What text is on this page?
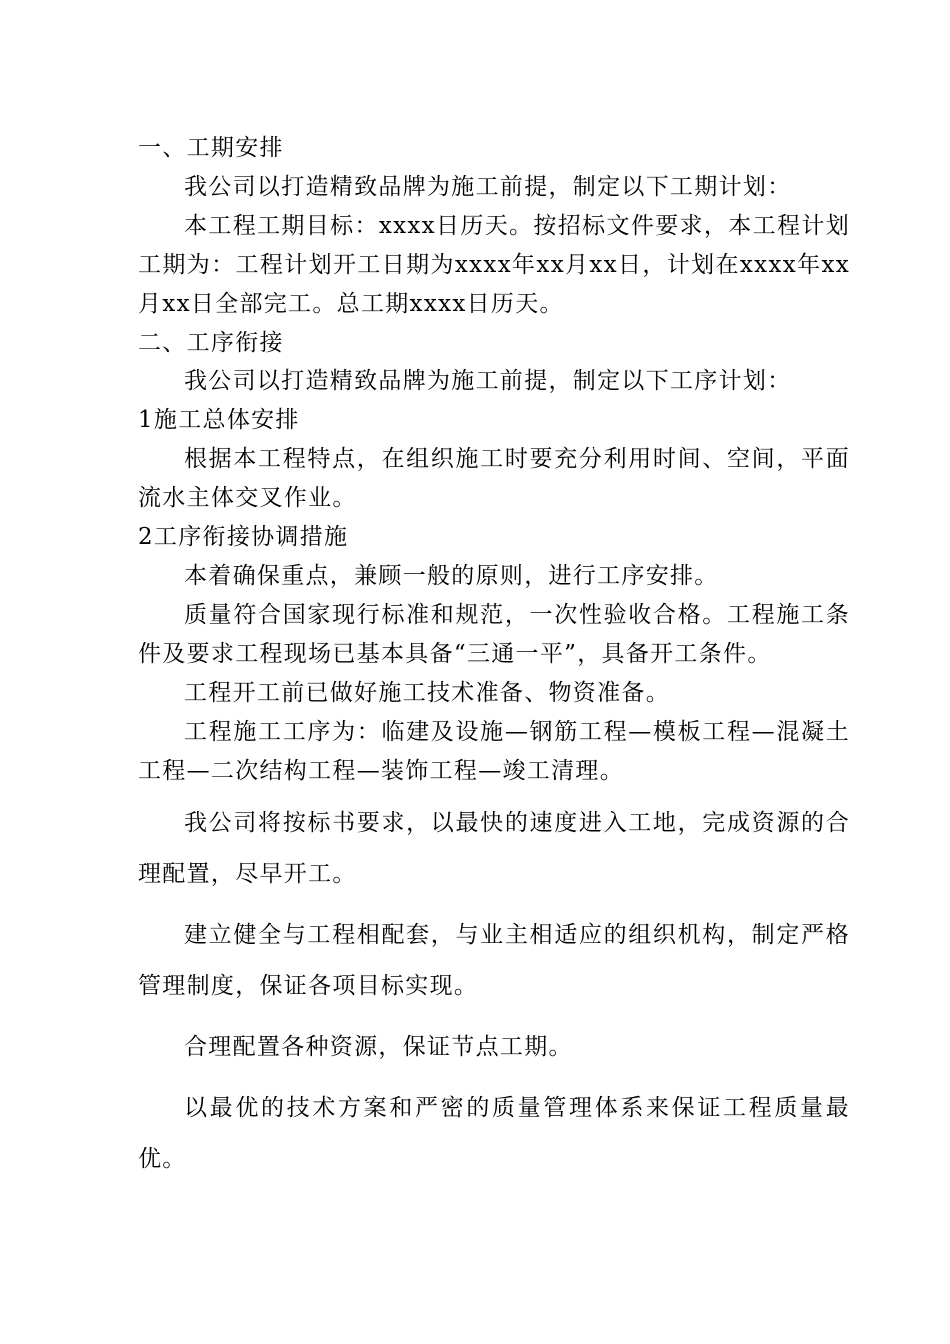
一、工期安排

我公司以打造精致品牌为施工前提，制定以下工期计划：

本工程工期目标：xxxx日历天。按招标文件要求，本工程计划工期为：工程计划开工日期为xxxx年xx月xx日，计划在xxxx年xx月xx日全部完工。总工期xxxx日历天。

二、工序衔接

我公司以打造精致品牌为施工前提，制定以下工序计划：

1施工总体安排

根据本工程特点，在组织施工时要充分利用时间、空间，平面流水主体交叉作业。

2工序衔接协调措施

本着确保重点，兼顾一般的原则，进行工序安排。

质量符合国家现行标准和规范，一次性验收合格。工程施工条件及要求工程现场已基本具备“三通一平”，具备开工条件。

工程开工前已做好施工技术准备、物资准备。

工程施工工序为：临建及设施—钢筋工程—模板工程—混凝土工程—二次结构工程—装饰工程—竣工清理。

我公司将按标书要求，以最快的速度进入工地，完成资源的合理配置，尽早开工。

建立健全与工程相配套，与业主相适应的组织机构，制定严格管理制度，保证各项目标实现。

合理配置各种资源，保证节点工期。

以最优的技术方案和严密的质量管理体系来保证工程质量最优。
